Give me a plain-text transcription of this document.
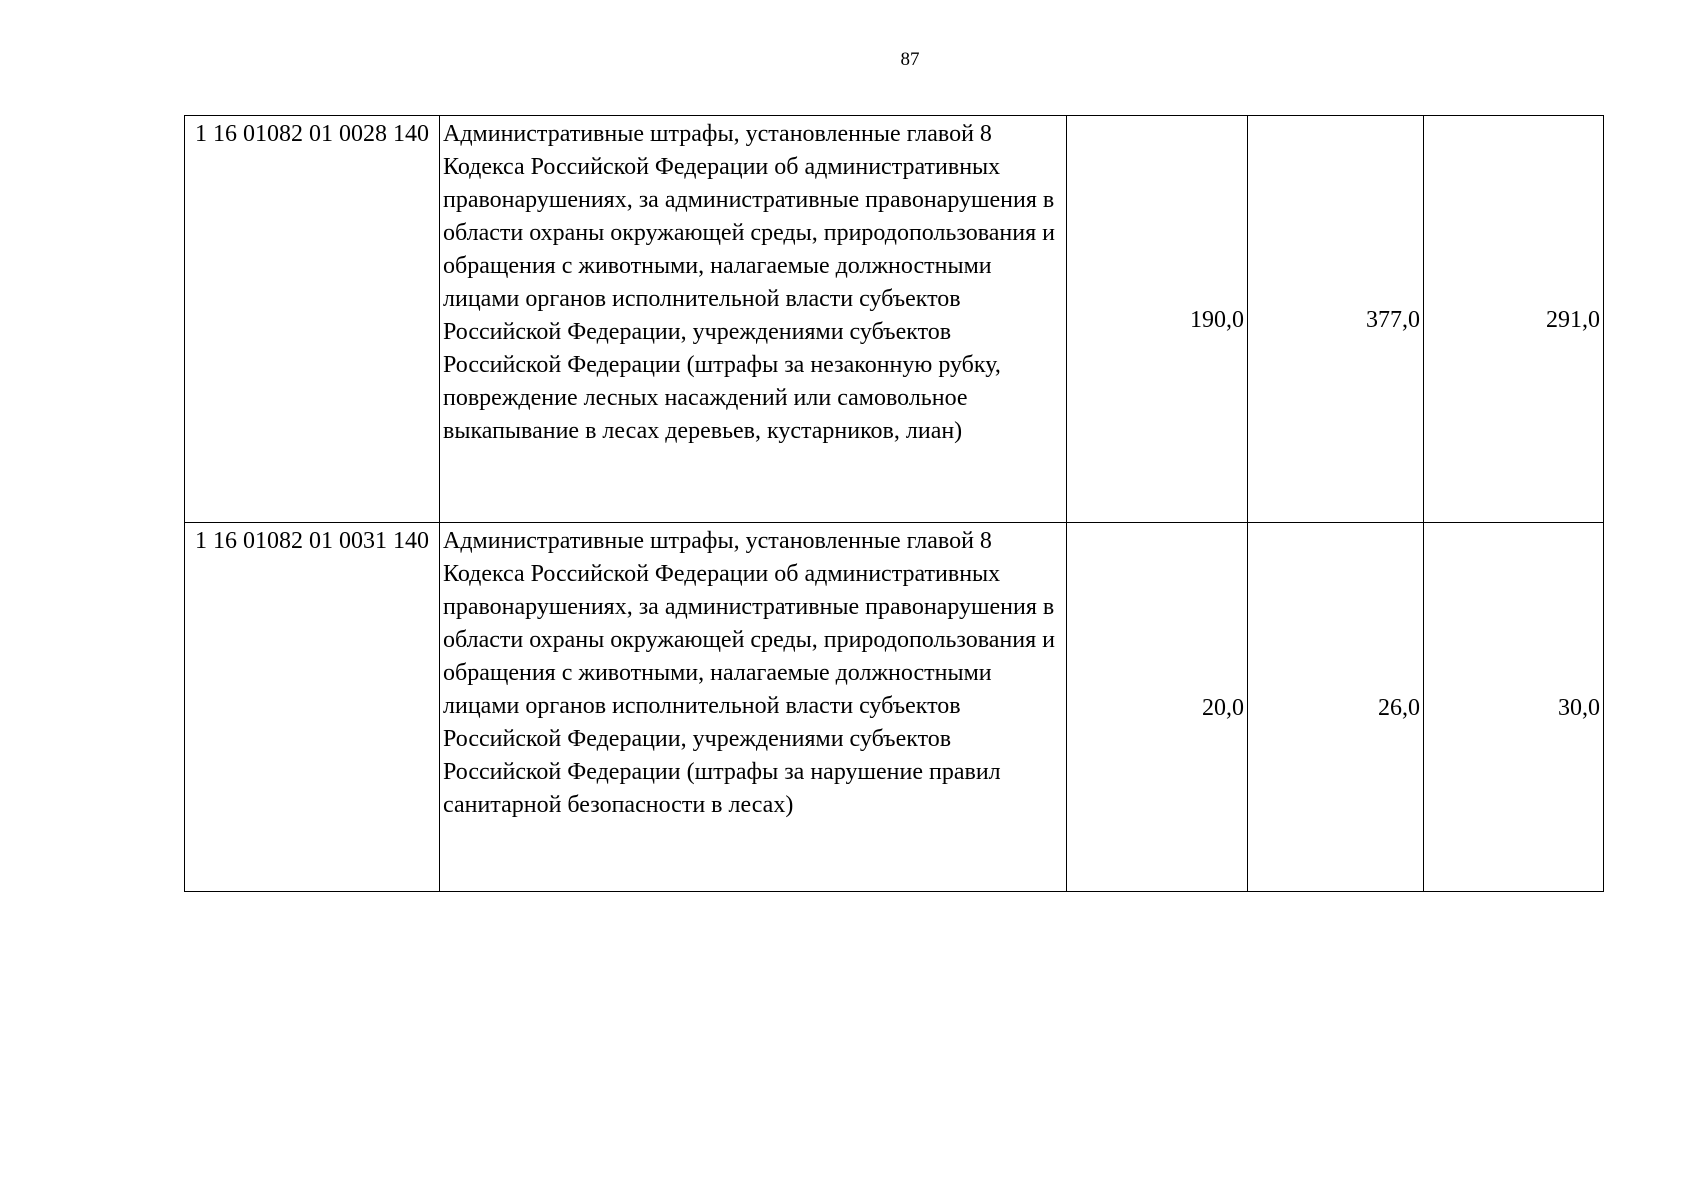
87
1 16 01082 01 0028 140	Административные штрафы, установленные главой 8 Кодекса Российской Федерации об административных правонарушениях, за административные правонарушения в области охраны окружающей среды, природопользования и обращения с животными, налагаемые должностными лицами органов исполнительной власти субъектов Российской Федерации, учреждениями субъектов Российской Федерации (штрафы за незаконную рубку, повреждение лесных насаждений или самовольное выкапывание в лесах деревьев, кустарников, лиан)	190,0	377,0	291,0
1 16 01082 01 0031 140	Административные штрафы, установленные главой 8 Кодекса Российской Федерации об административных правонарушениях, за административные правонарушения в области охраны окружающей среды, природопользования и обращения с животными, налагаемые должностными лицами органов исполнительной власти субъектов Российской Федерации, учреждениями субъектов Российской Федерации (штрафы за нарушение правил санитарной безопасности в лесах)	20,0	26,0	30,0
